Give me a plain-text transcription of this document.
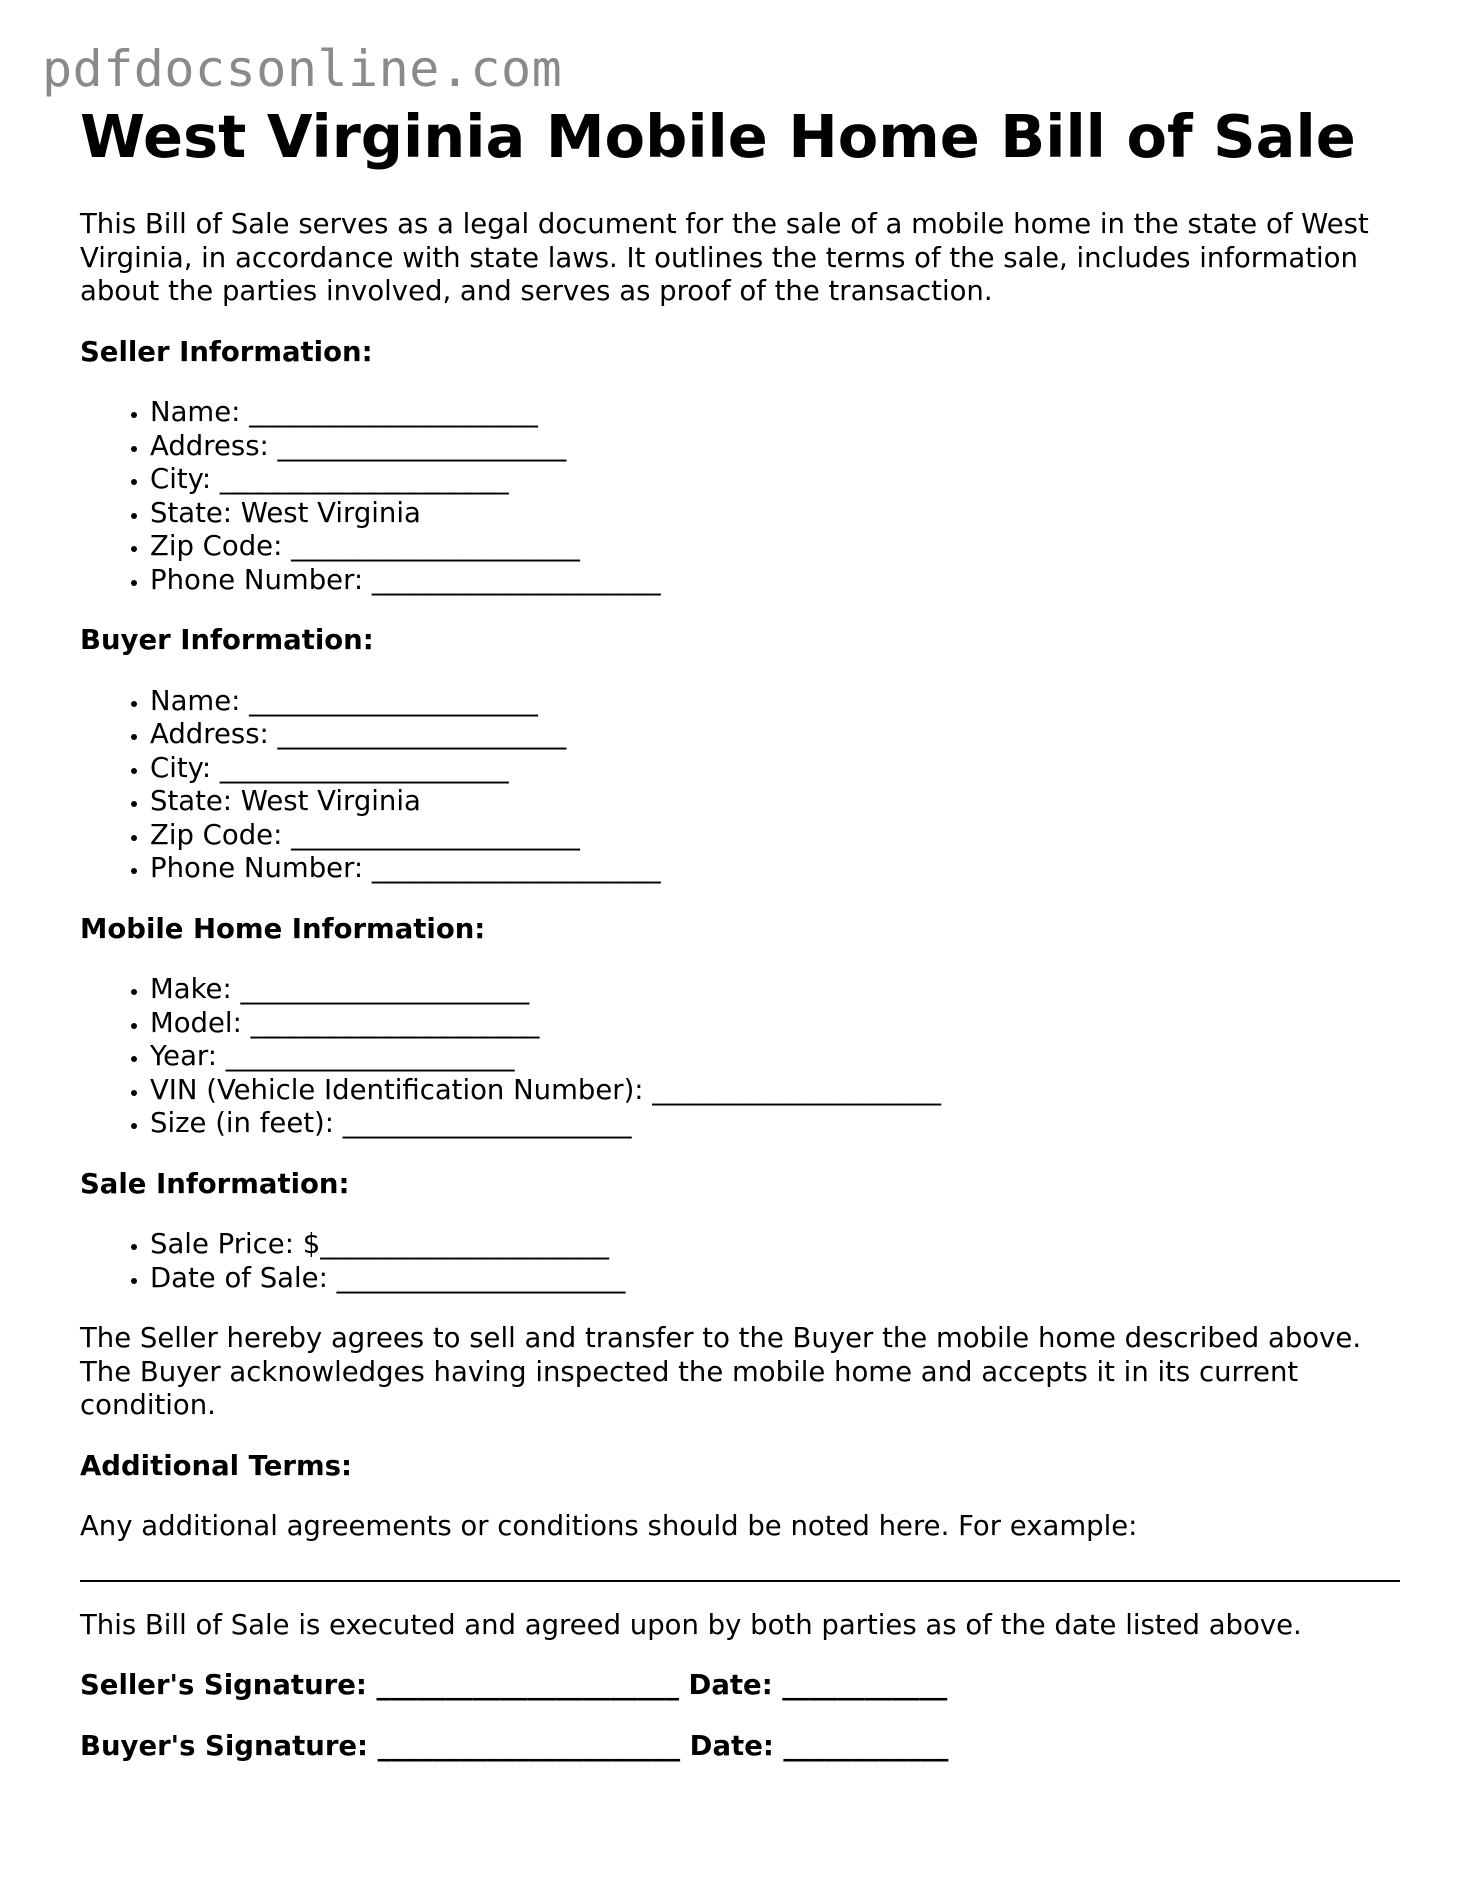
pdfdocsonline.com
West Virginia Mobile Home Bill of Sale

This Bill of Sale serves as a legal document for the sale of a mobile home in the state of West Virginia, in accordance with state laws. It outlines the terms of the sale, includes information about the parties involved, and serves as proof of the transaction.

Seller Information:
• Name: _____________________
• Address: _____________________
• City: _____________________
• State: West Virginia
• Zip Code: _____________________
• Phone Number: _____________________
Buyer Information:
• Name: _____________________
• Address: _____________________
• City: _____________________
• State: West Virginia
• Zip Code: _____________________
• Phone Number: _____________________
Mobile Home Information:
• Make: _____________________
• Model: _____________________
• Year: _____________________
• VIN (Vehicle Identification Number): _____________________
• Size (in feet): _____________________
Sale Information:
• Sale Price: $_____________________
• Date of Sale: _____________________

The Seller hereby agrees to sell and transfer to the Buyer the mobile home described above. The Buyer acknowledges having inspected the mobile home and accepts it in its current condition.

Additional Terms:

Any additional agreements or conditions should be noted here. For example:

This Bill of Sale is executed and agreed upon by both parties as of the date listed above.

Seller's Signature: ______________________ Date: ____________
Buyer's Signature: ______________________ Date: ____________
